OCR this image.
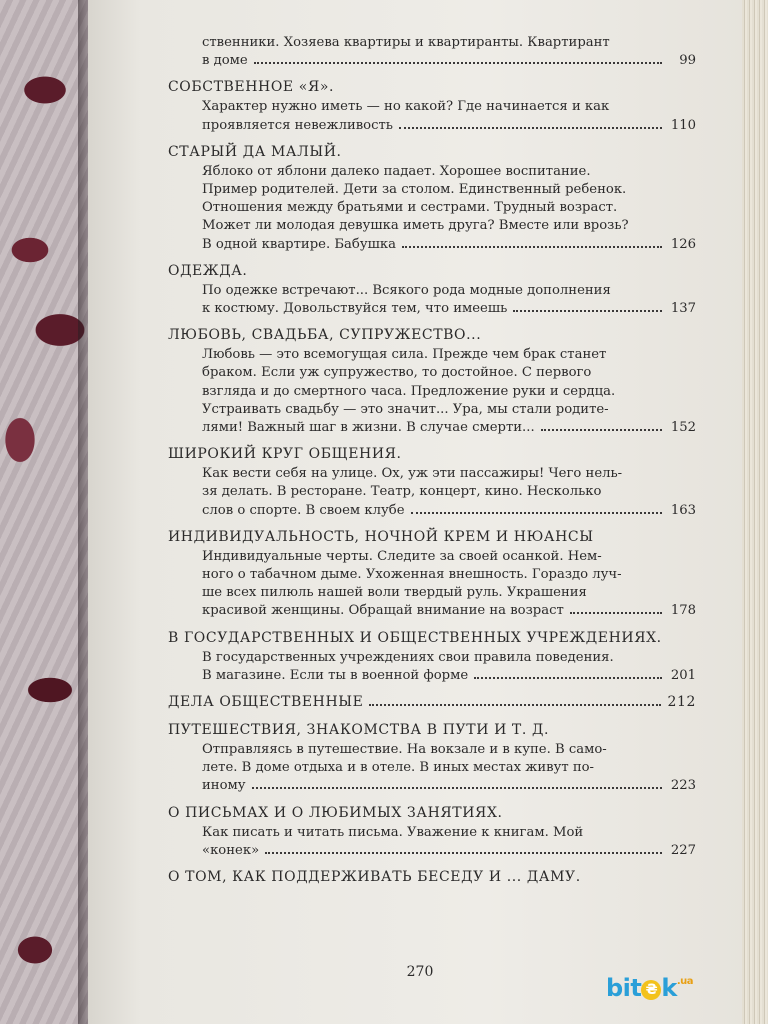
ственники. Хозяева квартиры и квартиранты. Квартирант
в доме	99
СОБСТВЕННОЕ «Я».
Характер нужно иметь — но какой? Где начинается и как
проявляется невежливость	110
СТАРЫЙ ДА МАЛЫЙ.
Яблоко от яблони далеко падает. Хорошее воспитание.
Пример родителей. Дети за столом. Единственный ребенок.
Отношения между братьями и сестрами. Трудный возраст.
Может ли молодая девушка иметь друга? Вместе или врозь?
В одной квартире. Бабушка	126
ОДЕЖДА.
По одежке встречают... Всякого рода модные дополнения
к костюму. Довольствуйся тем, что имеешь	137
ЛЮБОВЬ, СВАДЬБА, СУПРУЖЕСТВО...
Любовь — это всемогущая сила. Прежде чем брак станет
браком. Если уж супружество, то достойное. С первого
взгляда и до смертного часа. Предложение руки и сердца.
Устраивать свадьбу — это значит... Ура, мы стали родите-
лями! Важный шаг в жизни. В случае смерти...	152
ШИРОКИЙ КРУГ ОБЩЕНИЯ.
Как вести себя на улице. Ох, уж эти пассажиры! Чего нель-
зя делать. В ресторане. Театр, концерт, кино. Несколько
слов о спорте. В своем клубе	163
ИНДИВИДУАЛЬНОСТЬ, НОЧНОЙ КРЕМ И НЮАНСЫ
Индивидуальные черты. Следите за своей осанкой. Нем-
ного о табачном дыме. Ухоженная внешность. Гораздо луч-
ше всех пилюль нашей воли твердый руль. Украшения
красивой женщины. Обращай внимание на возраст	178
В ГОСУДАРСТВЕННЫХ И ОБЩЕСТВЕННЫХ УЧРЕЖДЕНИЯХ.
В государственных учреждениях свои правила поведения.
В магазине. Если ты в военной форме	201
ДЕЛА ОБЩЕСТВЕННЫЕ	212
ПУТЕШЕСТВИЯ, ЗНАКОМСТВА В ПУТИ И Т. Д.
Отправляясь в путешествие. На вокзале и в купе. В само-
лете. В доме отдыха и в отеле. В иных местах живут по-
иному	223
О ПИСЬМАХ И О ЛЮБИМЫХ ЗАНЯТИЯХ.
Как писать и читать письма. Уважение к книгам. Мой
«конек»	227
О ТОМ, КАК ПОДДЕРЖИВАТЬ БЕСЕДУ И ... ДАМУ.
270
bit ₴ $k^{.ua}$
